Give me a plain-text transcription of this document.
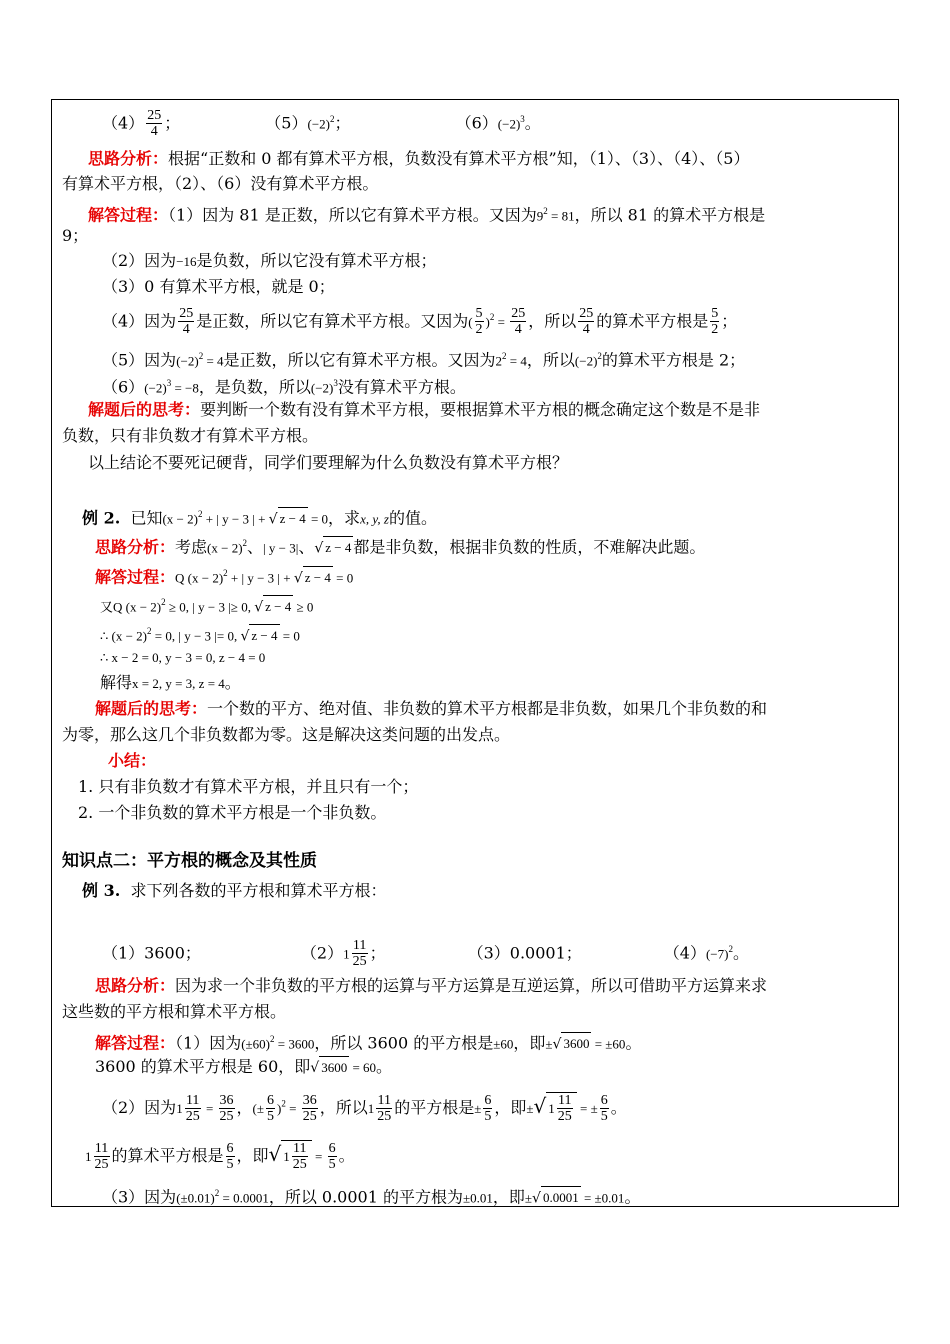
$(4) \frac{25}{4}$ ；	$(5)(-2)^2$；	$(6)(-2)^3$。
思路分析：根据“正数和 0 都有算术平方根，负数没有算术平方根”知，（1）、（3）、（4）、（5）
有算术平方根，（2）、（6）没有算术平方根。
解答过程：（1）因为 81 是正数，所以它有算术平方根。又因为$9^2 = 81$，所以 81 的算术平方根是
9；
（2）因为−16是负数，所以它没有算术平方根；
（3）0 有算术平方根，就是 0；
（4）因为 $\frac{25}{4}$ 是正数，所以它有算术平方根。又因为( $\frac{5}{2} )^2 = \frac{25}{4}$ ，所以 $\frac{25}{4}$ 的算术平方根是 $\frac{5}{2}$ ；
（5）因为$(-2)^2 = 4$是正数，所以它有算术平方根。又因为$2^2 = 4$，所以$(-2)^2$的算术平方根是 2；
$(6)(-2)^3 = -8$，是负数，所以$(-2)^3$没有算术平方根。
解题后的思考：要判断一个数有没有算术平方根，要根据算术平方根的概念确定这个数是不是非
负数，只有非负数才有算术平方根。
以上结论不要死记硬背，同学们要理解为什么负数没有算术平方根？
例 2. 已知$(x - 2)^2$ + | y − 3 | + √ z − 4 = 0，求x, y, z的值。
思路分析：考虑$(x - 2)^2$、| y − 3|、√ z − 4 都是非负数，根据非负数的性质，不难解决此题。
解答过程：Q $(x - 2)^2$ + | y − 3 | + √ z − 4 = 0
又Q $(x - 2)^2 \ge 0$, | y − 3 |≥ 0, √ z − 4 ≥ 0
∴ $(x - 2)^2 = 0$, | y − 3 |= 0, √ z − 4 = 0
∴ x − 2 = 0, y − 3 = 0, z − 4 = 0
解得x = 2, y = 3, z = 4。
解题后的思考：一个数的平方、绝对值、非负数的算术平方根都是非负数，如果几个非负数的和
为零，那么这几个非负数都为零。这是解决这类问题的出发点。
小结：
1. 只有非负数才有算术平方根，并且只有一个；
2. 一个非负数的算术平方根是一个非负数。
知识点二：平方根的概念及其性质
例 3. 求下列各数的平方根和算术平方根：
（1）3600；	$(2)1 \frac{11}{25}$ ；	（3）0.0001；	$(4)(-7)^2$。
思路分析：因为求一个非负数的平方根的运算与平方运算是互逆运算，所以可借助平方运算来求
这些数的平方根和算术平方根。
解答过程：（1）因为$(\pm 60)^2 = 3600$，所以 3600 的平方根是±60，即±√ 3600 = ±60。
3600 的算术平方根是 60，即√ 3600 = 60。
（2）因为$1 \frac{11}{25} = \frac{36}{25}$ ，(± $\frac{6}{5} )^2 = \frac{36}{25}$ ，所以$1 \frac{11}{25}$ 的平方根是± $\frac{6}{5}$ ，即±√ $1 \frac{11}{25}$ = ± $\frac{6}{5}$ 。
$1 \frac{11}{25}$ 的算术平方根是 $\frac{6}{5}$ ，即√ $1 \frac{11}{25} = \frac{6}{5}$ 。
（3）因为$(\pm 0.01)^2 = 0.0001$，所以 0.0001 的平方根为±0.01，即±√ 0.0001 = ±0.01。
